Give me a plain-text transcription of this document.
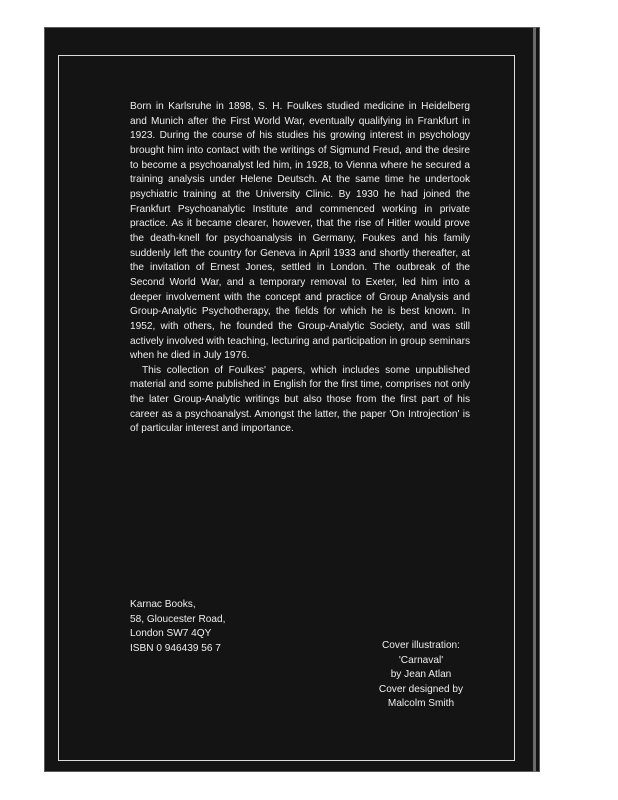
Born in Karlsruhe in 1898, S. H. Foulkes studied medicine in Heidelberg and Munich after the First World War, eventually qualifying in Frankfurt in 1923. During the course of his studies his growing interest in psychology brought him into contact with the writings of Sigmund Freud, and the desire to become a psychoanalyst led him, in 1928, to Vienna where he secured a training analysis under Helene Deutsch. At the same time he undertook psychiatric training at the University Clinic. By 1930 he had joined the Frankfurt Psychoanalytic Institute and commenced working in private practice. As it became clearer, however, that the rise of Hitler would prove the death-knell for psychoanalysis in Germany, Foukes and his family suddenly left the country for Geneva in April 1933 and shortly thereafter, at the invitation of Ernest Jones, settled in London. The outbreak of the Second World War, and a temporary removal to Exeter, led him into a deeper involvement with the concept and practice of Group Analysis and Group-Analytic Psychotherapy, the fields for which he is best known. In 1952, with others, he founded the Group-Analytic Society, and was still actively involved with teaching, lecturing and participation in group seminars when he died in July 1976.

This collection of Foulkes' papers, which includes some unpublished material and some published in English for the first time, comprises not only the later Group-Analytic writings but also those from the first part of his career as a psychoanalyst. Amongst the latter, the paper 'On Introjection' is of particular interest and importance.

Karnac Books,
58, Gloucester Road,
London SW7 4QY
ISBN 0 946439 56 7	Cover illustration:
'Carnaval'
by Jean Atlan
Cover designed by
Malcolm Smith
